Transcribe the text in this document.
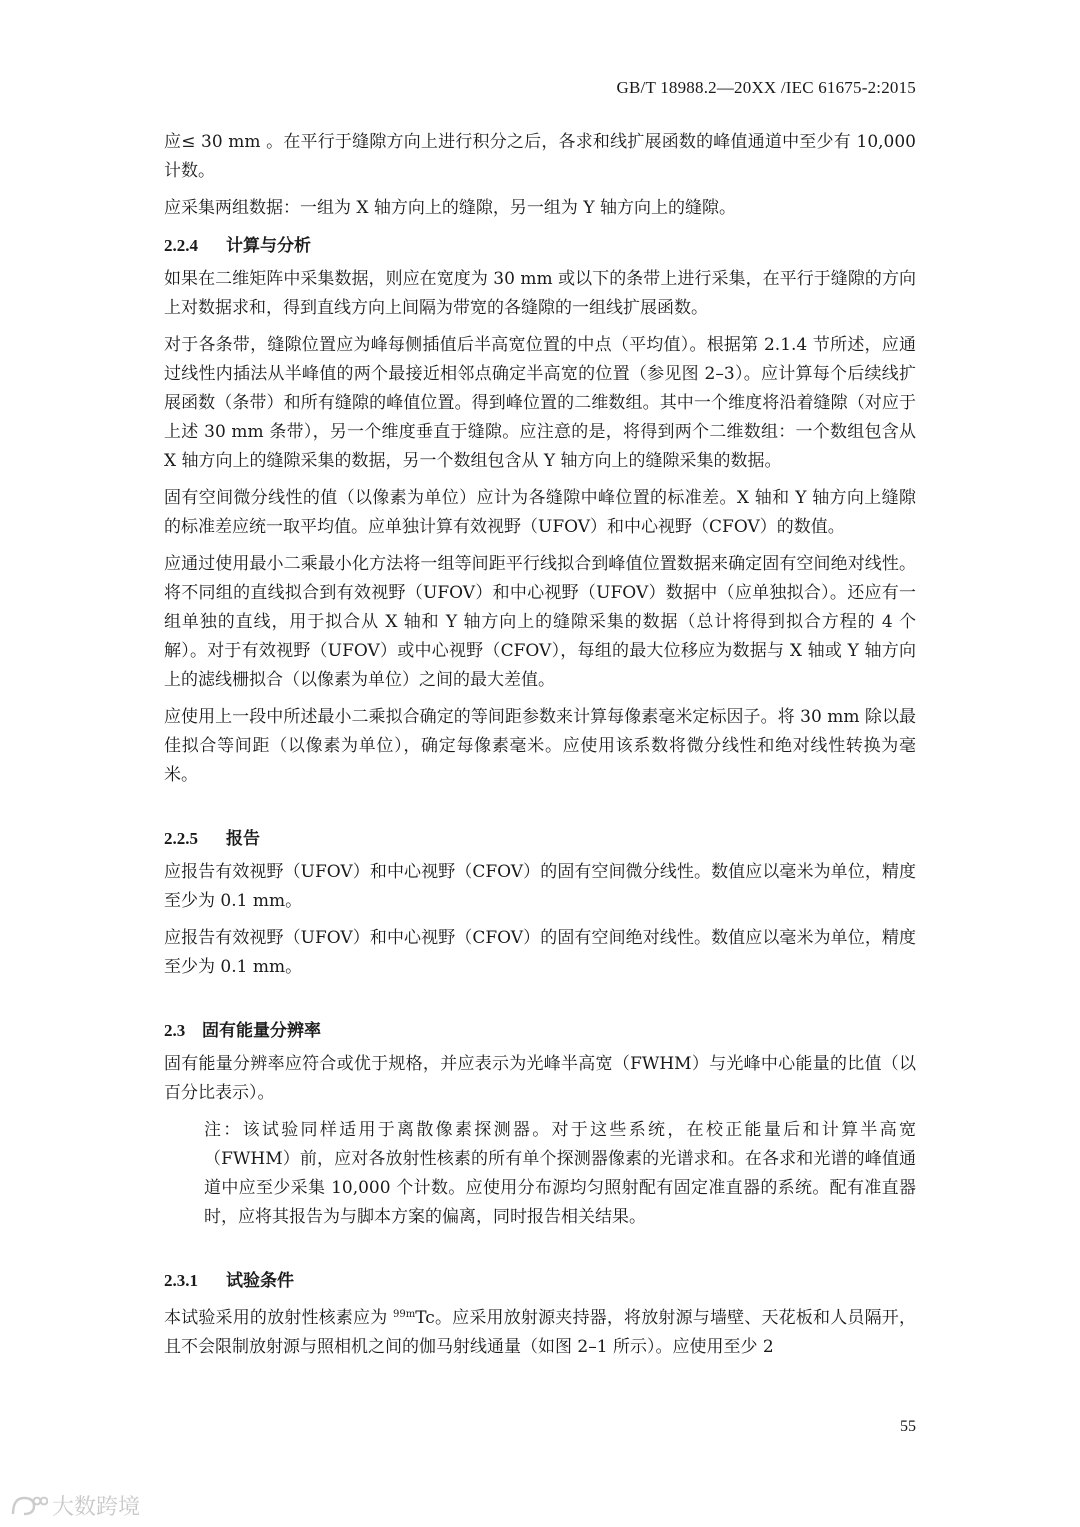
GB/T 18988.2—20XX /IEC 61675-2:2015

应≤ 30 mm 。在平行于缝隙方向上进行积分之后，各求和线扩展函数的峰值通道中至少有 10,000 计数。

应采集两组数据：一组为 X 轴方向上的缝隙，另一组为 Y 轴方向上的缝隙。

2.2.4 计算与分析

如果在二维矩阵中采集数据，则应在宽度为 30 mm 或以下的条带上进行采集，在平行于缝隙的方向上对数据求和，得到直线方向上间隔为带宽的各缝隙的一组线扩展函数。

对于各条带，缝隙位置应为峰每侧插值后半高宽位置的中点（平均值）。根据第 2.1.4 节所述，应通过线性内插法从半峰值的两个最接近相邻点确定半高宽的位置（参见图 2–3）。应计算每个后续线扩展函数（条带）和所有缝隙的峰值位置。得到峰位置的二维数组。其中一个维度将沿着缝隙（对应于上述 30 mm 条带），另一个维度垂直于缝隙。应注意的是，将得到两个二维数组：一个数组包含从 X 轴方向上的缝隙采集的数据，另一个数组包含从 Y 轴方向上的缝隙采集的数据。

固有空间微分线性的值（以像素为单位）应计为各缝隙中峰位置的标准差。X 轴和 Y 轴方向上缝隙的标准差应统一取平均值。应单独计算有效视野（UFOV）和中心视野（CFOV）的数值。

应通过使用最小二乘最小化方法将一组等间距平行线拟合到峰值位置数据来确定固有空间绝对线性。将不同组的直线拟合到有效视野（UFOV）和中心视野（UFOV）数据中（应单独拟合）。还应有一组单独的直线，用于拟合从 X 轴和 Y 轴方向上的缝隙采集的数据（总计将得到拟合方程的 4 个解）。对于有效视野（UFOV）或中心视野（CFOV），每组的最大位移应为数据与 X 轴或 Y 轴方向上的滤线栅拟合（以像素为单位）之间的最大差值。

应使用上一段中所述最小二乘拟合确定的等间距参数来计算每像素毫米定标因子。将 30 mm 除以最佳拟合等间距（以像素为单位），确定每像素毫米。应使用该系数将微分线性和绝对线性转换为毫米。

2.2.5 报告

应报告有效视野（UFOV）和中心视野（CFOV）的固有空间微分线性。数值应以毫米为单位，精度至少为 0.1 mm。

应报告有效视野（UFOV）和中心视野（CFOV）的固有空间绝对线性。数值应以毫米为单位，精度至少为 0.1 mm。

2.3 固有能量分辨率

固有能量分辨率应符合或优于规格，并应表示为光峰半高宽（FWHM）与光峰中心能量的比值（以百分比表示）。

注：该试验同样适用于离散像素探测器。对于这些系统，在校正能量后和计算半高宽（FWHM）前，应对各放射性核素的所有单个探测器像素的光谱求和。在各求和光谱的峰值通道中应至少采集 10,000 个计数。应使用分布源均匀照射配有固定准直器的系统。配有准直器时，应将其报告为与脚本方案的偏离，同时报告相关结果。

2.3.1 试验条件

本试验采用的放射性核素应为 $^{99m}$Tc。应采用放射源夹持器，将放射源与墙壁、天花板和人员隔开，且不会限制放射源与照相机之间的伽马射线通量（如图 2–1 所示）。应使用至少 2

55
大数跨境
